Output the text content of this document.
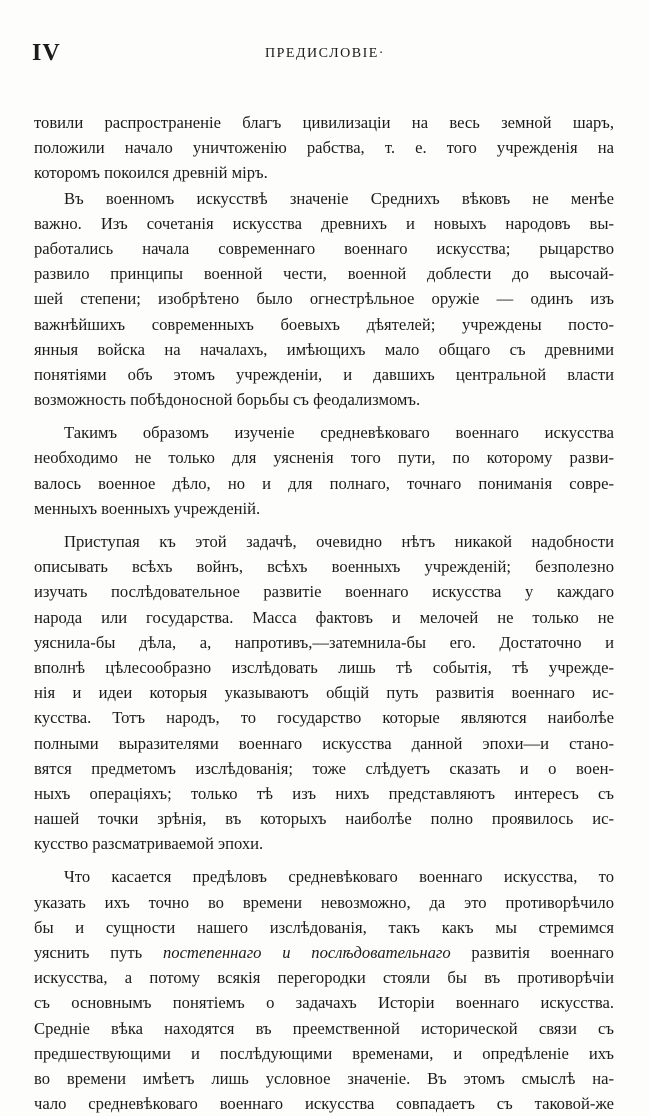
IV	ПРЕДИСЛОВІЕ·
товили распространеніе благъ цивилизаціи на весь земной шаръ,
положили начало уничтоженію рабства, т. е. того учрежденія на
которомъ покоился древній міръ.
Въ военномъ искусствѣ значеніе Среднихъ вѣковъ не менѣе
важно. Изъ сочетанія искусства древнихъ и новыхъ народовъ вы-
работались начала современнаго военнаго искусства; рыцарство
развило принципы военной чести, военной доблести до высочай-
шей степени; изобрѣтено было огнестрѣльное оружіе — одинъ изъ
важнѣйшихъ современныхъ боевыхъ дѣятелей; учреждены посто-
янныя войска на началахъ, имѣющихъ мало общаго съ древними
понятіями объ этомъ учрежденіи, и давшихъ центральной власти
возможность побѣдоносной борьбы съ феодализмомъ.
Такимъ образомъ изученіе средневѣковаго военнаго искусства
необходимо не только для уясненія того пути, по которому разви-
валось военное дѣло, но и для полнаго, точнаго пониманія совре-
менныхъ военныхъ учрежденій.
Приступая къ этой задачѣ, очевидно нѣтъ никакой надобности
описывать всѣхъ войнъ, всѣхъ военныхъ учрежденій; безполезно
изучать послѣдовательное развитіе военнаго искусства у каждаго
народа или государства. Масса фактовъ и мелочей не только не
уяснила-бы дѣла, а, напротивъ,—затемнила-бы его. Достаточно и
вполнѣ цѣлесообразно изслѣдовать лишь тѣ событія, тѣ учрежде-
нія и идеи которыя указываютъ общій путь развитія военнаго ис-
кусства. Тотъ народъ, то государство которые являются наиболѣе
полными выразителями военнаго искусства данной эпохи—и стано-
вятся предметомъ изслѣдованія; тоже слѣдуетъ сказать и о воен-
ныхъ операціяхъ; только тѣ изъ нихъ представляютъ интересъ съ
нашей точки зрѣнія, въ которыхъ наиболѣе полно проявилось ис-
кусство разсматриваемой эпохи.
Что касается предѣловъ средневѣковаго военнаго искусства, то
указать ихъ точно во времени невозможно, да это противорѣчило
бы и сущности нашего изслѣдованія, такъ какъ мы стремимся
уяснить путь постепеннаго и послѣдовательнаго развитія военнаго
искусства, а потому всякія перегородки стояли бы въ противорѣчіи
съ основнымъ понятіемъ о задачахъ Исторіи военнаго искусства.
Средніе вѣка находятся въ преемственной исторической связи съ
предшествующими и послѣдующими временами, и опредѣленіе ихъ
во времени имѣетъ лишь условное значеніе. Въ этомъ смыслѣ на-
чало средневѣковаго военнаго искусства совпадаетъ съ таковой-же
